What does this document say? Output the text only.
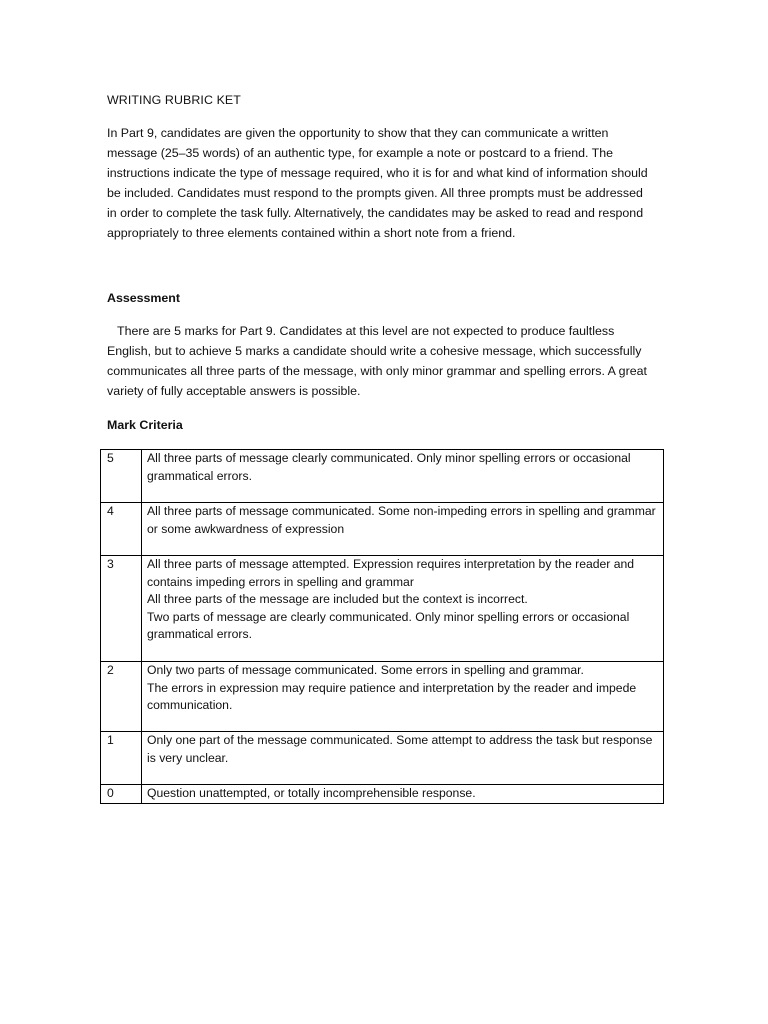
WRITING RUBRIC KET

In Part 9, candidates are given the opportunity to show that they can communicate a written message (25–35 words) of an authentic type, for example a note or postcard to a friend. The instructions indicate the type of message required, who it is for and what kind of information should be included. Candidates must respond to the prompts given. All three prompts must be addressed in order to complete the task fully. Alternatively, the candidates may be asked to read and respond appropriately to three elements contained within a short note from a friend.

Assessment

There are 5 marks for Part 9. Candidates at this level are not expected to produce faultless English, but to achieve 5 marks a candidate should write a cohesive message, which successfully communicates all three parts of the message, with only minor grammar and spelling errors. A great variety of fully acceptable answers is possible.

Mark Criteria
5	All three parts of message clearly communicated. Only minor spelling errors or occasional grammatical errors.

4	All three parts of message communicated. Some non-impeding errors in spelling and grammar or some awkwardness of expression

3	All three parts of message attempted. Expression requires interpretation by the reader and contains impeding errors in spelling and grammar
All three parts of the message are included but the context is incorrect.
Two parts of message are clearly communicated. Only minor spelling errors or occasional grammatical errors.

2	Only two parts of message communicated. Some errors in spelling and grammar.
The errors in expression may require patience and interpretation by the reader and impede communication.

1	Only one part of the message communicated. Some attempt to address the task but response is very unclear.

0	Question unattempted, or totally incomprehensible response.
